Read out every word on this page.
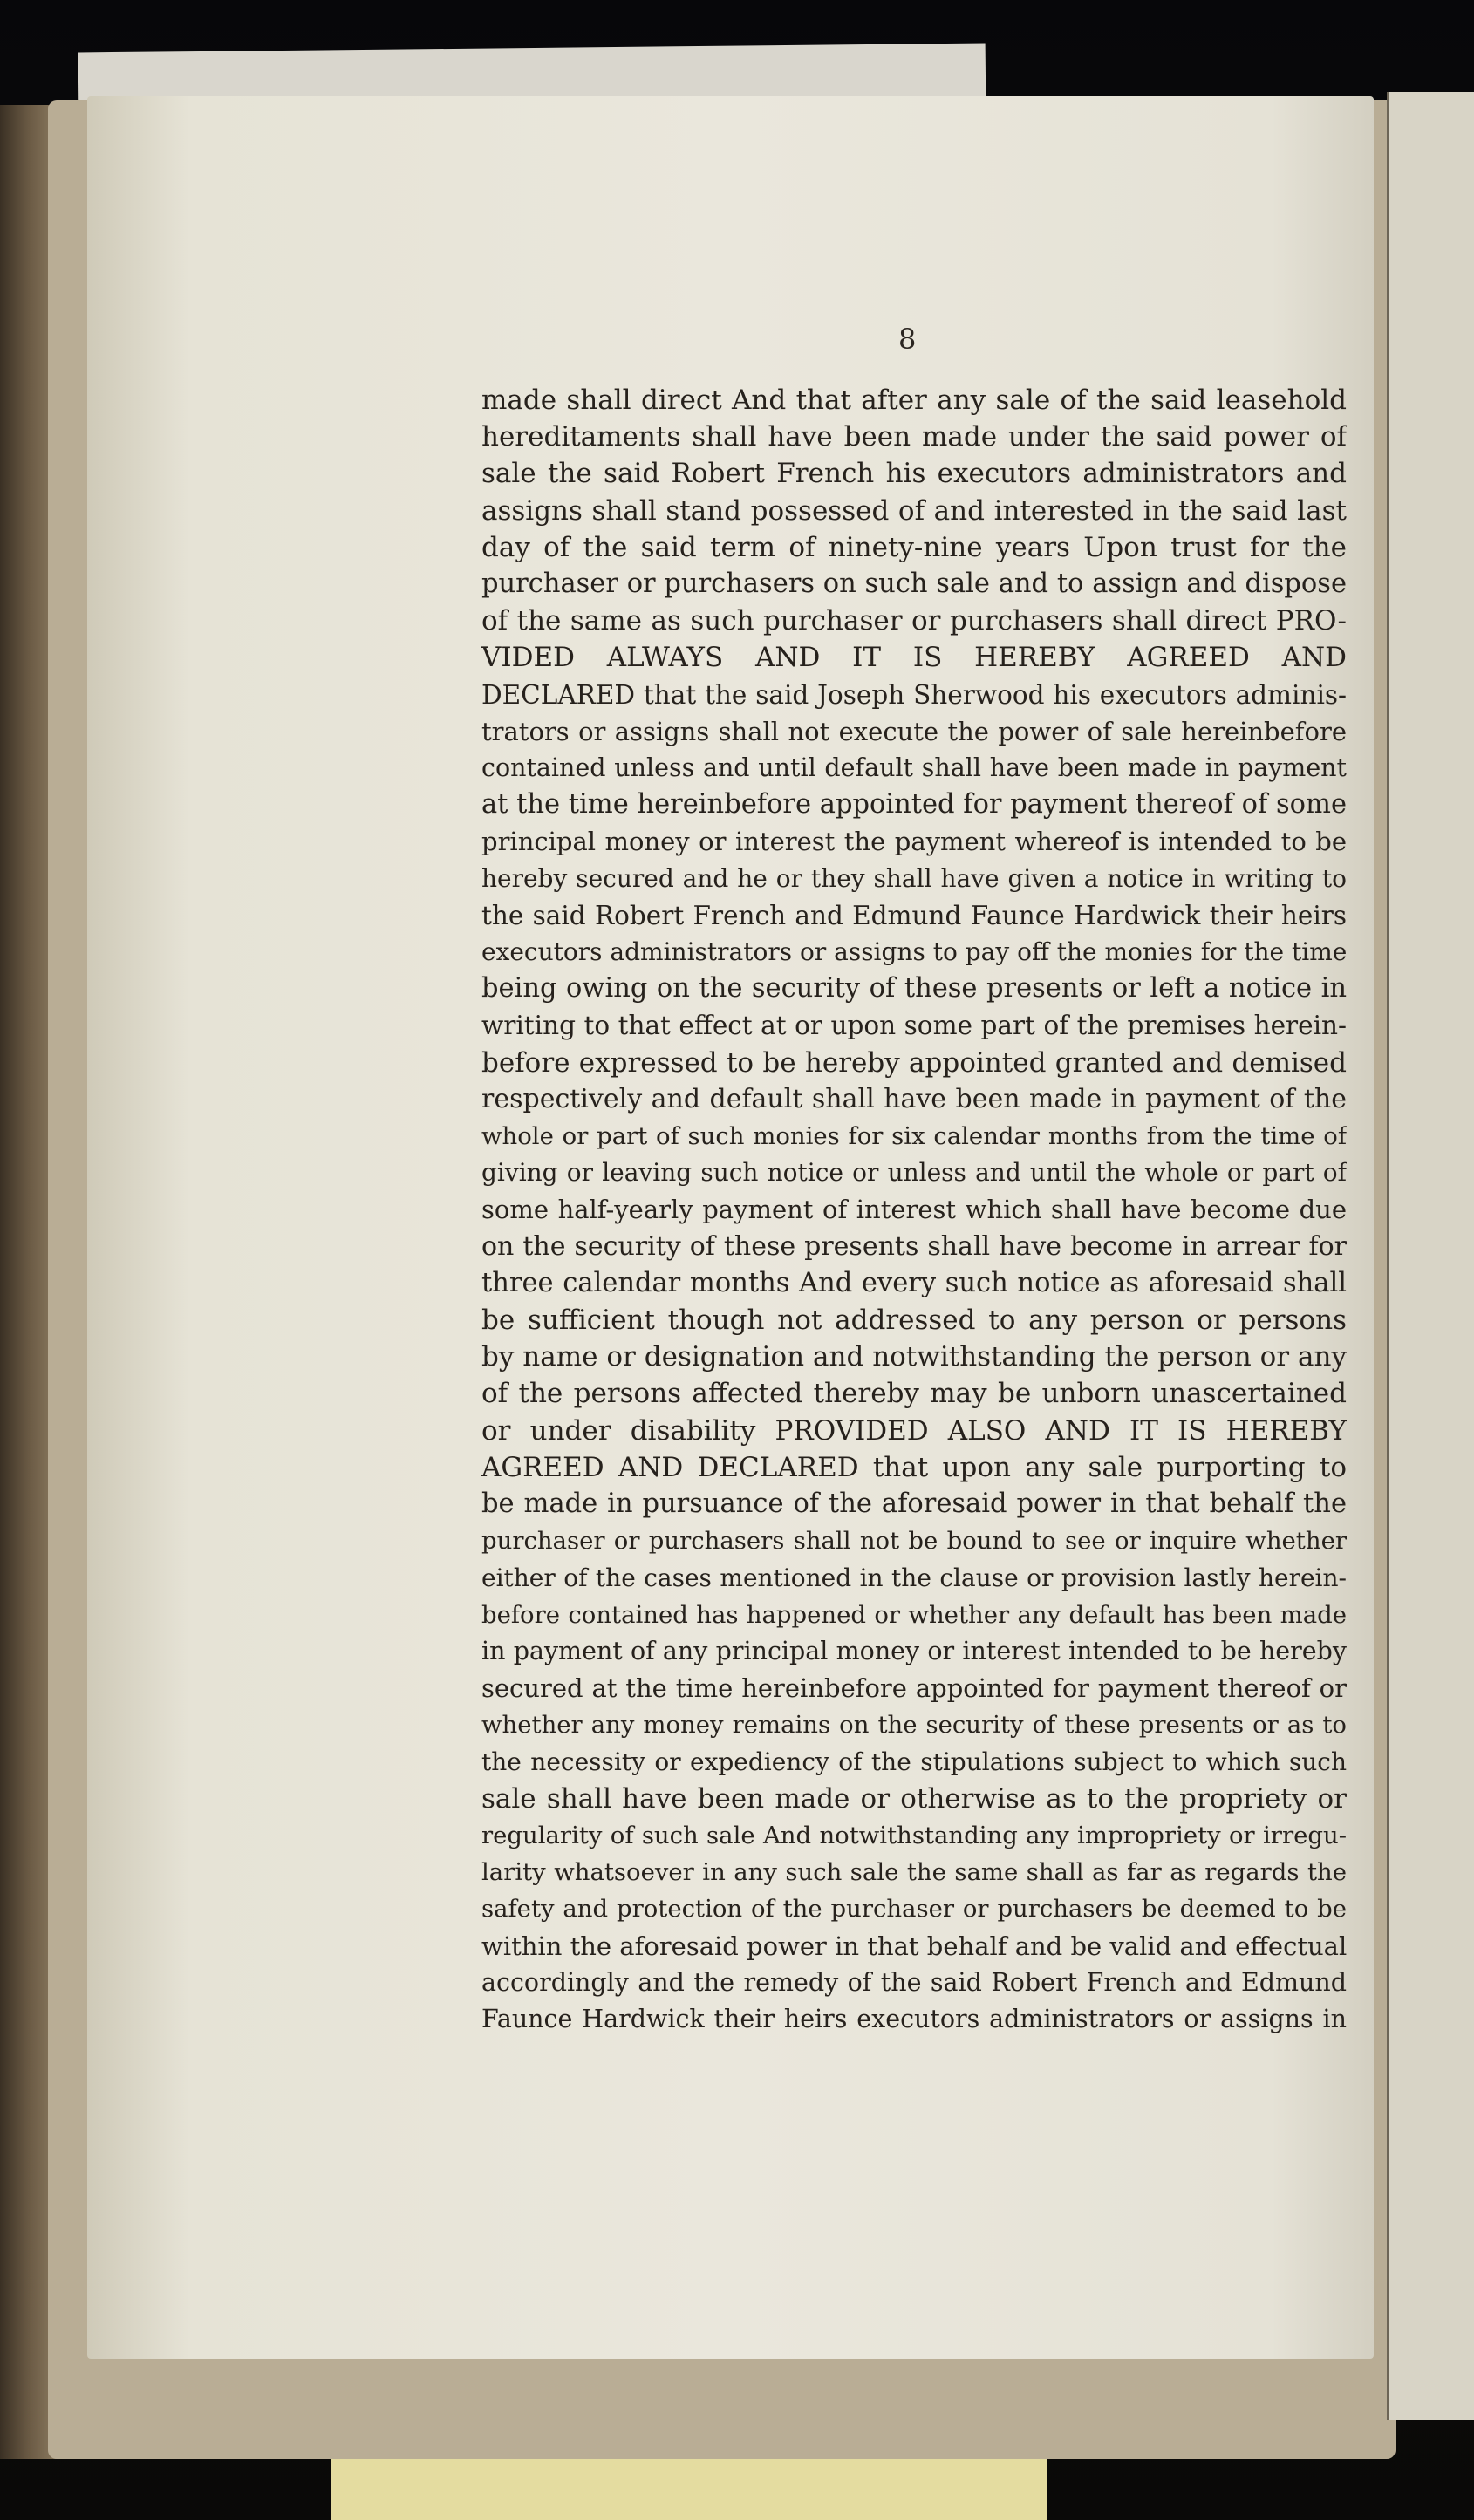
8
made shall direct And that after any sale of the said leasehold
hereditaments shall have been made under the said power of
sale the said Robert French his executors administrators and
assigns shall stand possessed of and interested in the said last
day of the said term of ninety-nine years Upon trust for the
purchaser or purchasers on such sale and to assign and dispose
of the same as such purchaser or purchasers shall direct PRO-
VIDED ALWAYS AND IT IS HEREBY AGREED AND
DECLARED that the said Joseph Sherwood his executors adminis-
trators or assigns shall not execute the power of sale hereinbefore
contained unless and until default shall have been made in payment
at the time hereinbefore appointed for payment thereof of some
principal money or interest the payment whereof is intended to be
hereby secured and he or they shall have given a notice in writing to
the said Robert French and Edmund Faunce Hardwick their heirs
executors administrators or assigns to pay off the monies for the time
being owing on the security of these presents or left a notice in
writing to that effect at or upon some part of the premises herein-
before expressed to be hereby appointed granted and demised
respectively and default shall have been made in payment of the
whole or part of such monies for six calendar months from the time of
giving or leaving such notice or unless and until the whole or part of
some half-yearly payment of interest which shall have become due
on the security of these presents shall have become in arrear for
three calendar months And every such notice as aforesaid shall
be sufficient though not addressed to any person or persons
by name or designation and notwithstanding the person or any
of the persons affected thereby may be unborn unascertained
or under disability PROVIDED ALSO AND IT IS HEREBY
AGREED AND DECLARED that upon any sale purporting to
be made in pursuance of the aforesaid power in that behalf the
purchaser or purchasers shall not be bound to see or inquire whether
either of the cases mentioned in the clause or provision lastly herein-
before contained has happened or whether any default has been made
in payment of any principal money or interest intended to be hereby
secured at the time hereinbefore appointed for payment thereof or
whether any money remains on the security of these presents or as to
the necessity or expediency of the stipulations subject to which such
sale shall have been made or otherwise as to the propriety or
regularity of such sale And notwithstanding any impropriety or irregu-
larity whatsoever in any such sale the same shall as far as regards the
safety and protection of the purchaser or purchasers be deemed to be
within the aforesaid power in that behalf and be valid and effectual
accordingly and the remedy of the said Robert French and Edmund
Faunce Hardwick their heirs executors administrators or assigns in
